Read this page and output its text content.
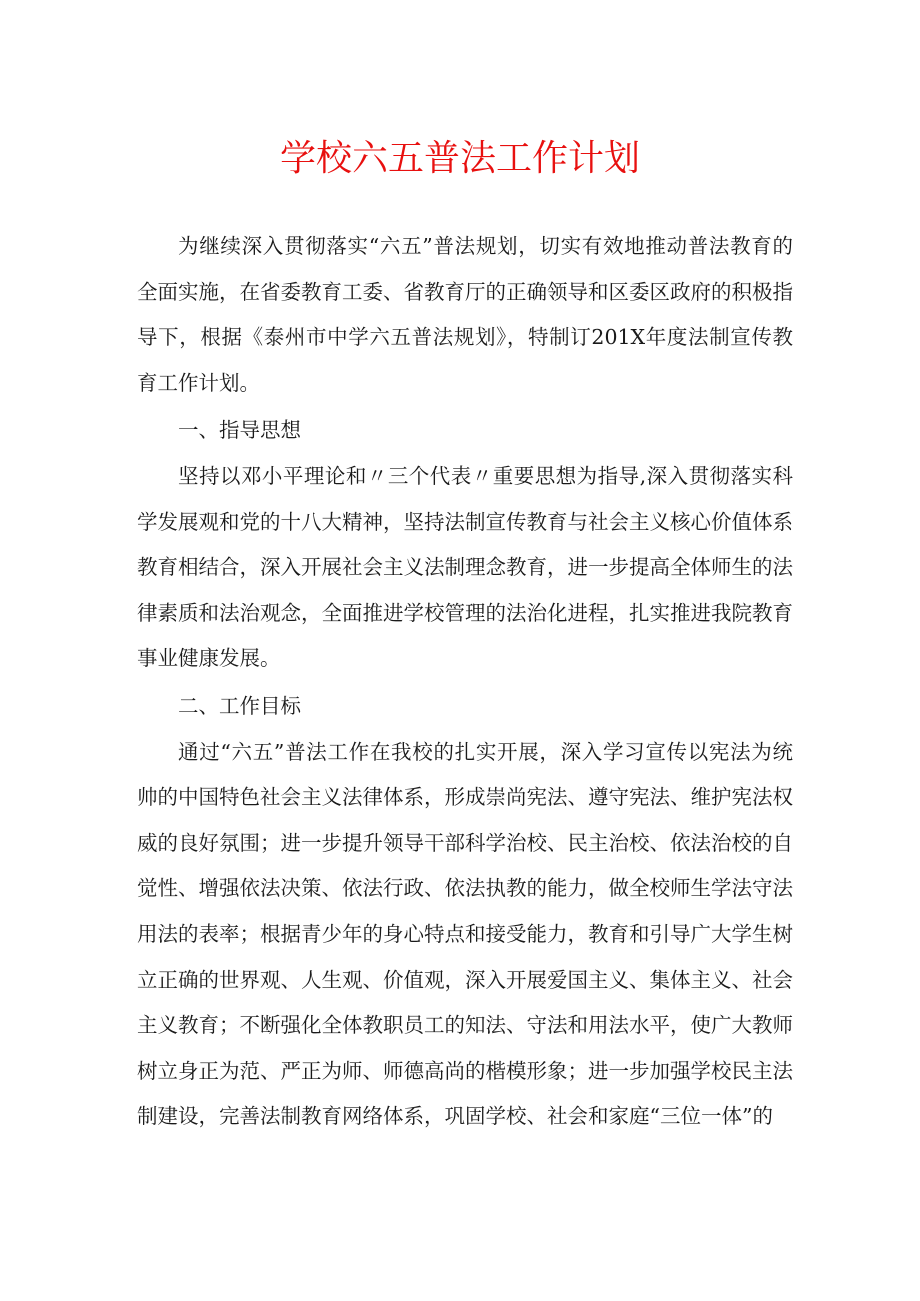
学校六五普法工作计划

为继续深入贯彻落实“六五”普法规划，切实有效地推动普法教育的全面实施，在省委教育工委、省教育厅的正确领导和区委区政府的积极指导下，根据《泰州市中学六五普法规划》，特制订201X年度法制宣传教育工作计划。

一、指导思想

坚持以邓小平理论和〃三个代表〃重要思想为指导,深入贯彻落实科学发展观和党的十八大精神，坚持法制宣传教育与社会主义核心价值体系教育相结合，深入开展社会主义法制理念教育，进一步提高全体师生的法律素质和法治观念，全面推进学校管理的法治化进程，扎实推进我院教育事业健康发展。

二、工作目标

通过“六五”普法工作在我校的扎实开展，深入学习宣传以宪法为统帅的中国特色社会主义法律体系，形成崇尚宪法、遵守宪法、维护宪法权威的良好氛围；进一步提升领导干部科学治校、民主治校、依法治校的自觉性、增强依法决策、依法行政、依法执教的能力，做全校师生学法守法用法的表率；根据青少年的身心特点和接受能力，教育和引导广大学生树立正确的世界观、人生观、价值观，深入开展爱国主义、集体主义、社会主义教育；不断强化全体教职员工的知法、守法和用法水平，使广大教师树立身正为范、严正为师、师德高尚的楷模形象；进一步加强学校民主法制建设，完善法制教育网络体系，巩固学校、社会和家庭“三位一体”的
